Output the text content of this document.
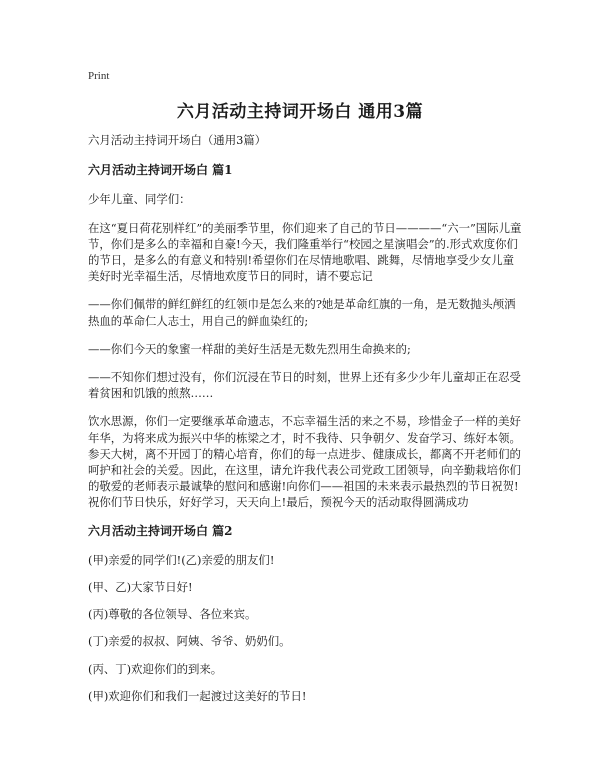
Print
六月活动主持词开场白 通用3篇

六月活动主持词开场白（通用3篇）

六月活动主持词开场白 篇1

少年儿童、同学们：

在这“夏日荷花别样红”的美丽季节里，你们迎来了自己的节日————“六一”国际儿童节，你们是多么的幸福和自豪!今天，我们隆重举行“校园之星演唱会”的.形式欢度你们的节日，是多么的有意义和特别!希望你们在尽情地歌唱、跳舞，尽情地享受少女儿童美好时光幸福生活，尽情地欢度节日的同时，请不要忘记

——你们佩带的鲜红鲜红的红领巾是怎么来的?她是革命红旗的一角，是无数抛头颅洒热血的革命仁人志士，用自己的鲜血染红的;

——你们今天的象蜜一样甜的美好生活是无数先烈用生命换来的;

——不知你们想过没有，你们沉浸在节日的时刻，世界上还有多少少年儿童却正在忍受着贫困和饥饿的煎熬……

饮水思源，你们一定要继承革命遗志，不忘幸福生活的来之不易，珍惜金子一样的美好年华，为将来成为振兴中华的栋梁之才，时不我待、只争朝夕、发奋学习、练好本领。参天大树，离不开园丁的精心培育，你们的每一点进步、健康成长，都离不开老师们的呵护和社会的关爱。因此，在这里，请允许我代表公司党政工团领导，向辛勤栽培你们的敬爱的老师表示最诚挚的慰问和感谢!向你们——祖国的未来表示最热烈的节日祝贺!祝你们节日快乐，好好学习，天天向上!最后，预祝今天的活动取得圆满成功

六月活动主持词开场白 篇2

(甲)亲爱的同学们!(乙)亲爱的朋友们!

(甲、乙)大家节日好!

(丙)尊敬的各位领导、各位来宾。

(丁)亲爱的叔叔、阿姨、爷爷、奶奶们。

(丙、丁)欢迎你们的到来。

(甲)欢迎你们和我们一起渡过这美好的节日!
